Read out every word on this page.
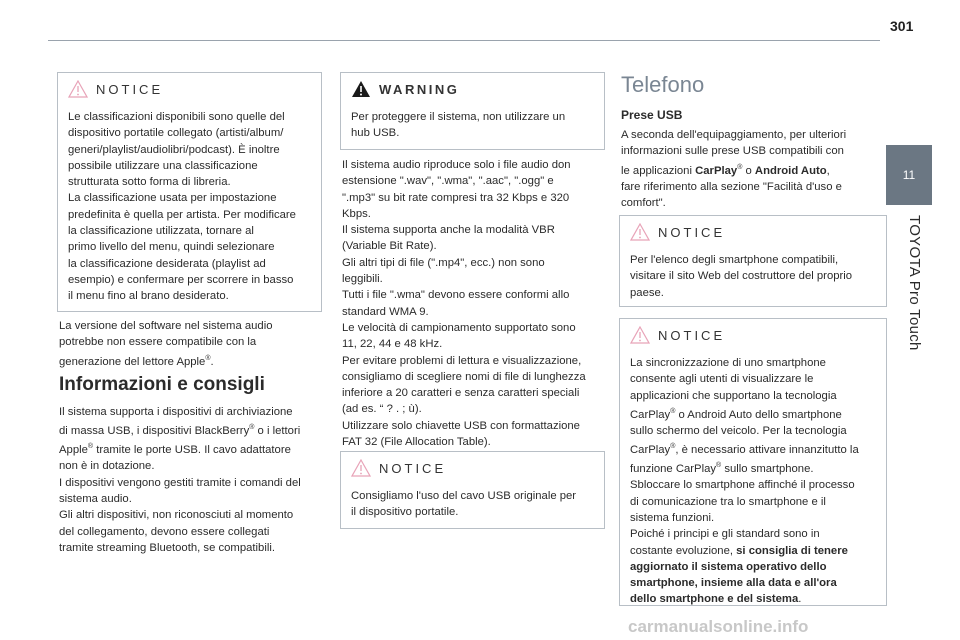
301
11
TOYOTA Pro Touch
NOTICE
Le classificazioni disponibili sono quelle del
dispositivo portatile collegato (artisti/album/
generi/playlist/audiolibri/podcast). È inoltre
possibile utilizzare una classificazione
strutturata sotto forma di libreria.
La classificazione usata per impostazione
predefinita è quella per artista. Per modificare
la classificazione utilizzata, tornare al
primo livello del menu, quindi selezionare
la classificazione desiderata (playlist ad
esempio) e confermare per scorrere in basso
il menu fino al brano desiderato.
La versione del software nel sistema audio
potrebbe non essere compatibile con la
generazione del lettore Apple®.
Informazioni e consigli
Il sistema supporta i dispositivi di archiviazione
di massa USB, i dispositivi BlackBerry® o i lettori
Apple® tramite le porte USB. Il cavo adattatore
non è in dotazione.
I dispositivi vengono gestiti tramite i comandi del
sistema audio.
Gli altri dispositivi, non riconosciuti al momento
del collegamento, devono essere collegati
tramite streaming Bluetooth, se compatibili.
WARNING
Per proteggere il sistema, non utilizzare un
hub USB.
Il sistema audio riproduce solo i file audio don
estensione ".wav", ".wma", ".aac", ".ogg" e
".mp3" su bit rate compresi tra 32 Kbps e 320
Kbps.
Il sistema supporta anche la modalità VBR
(Variable Bit Rate).
Gli altri tipi di file (".mp4", ecc.) non sono
leggibili.
Tutti i file ".wma" devono essere conformi allo
standard WMA 9.
Le velocità di campionamento supportato sono
11, 22, 44 e 48 kHz.
Per evitare problemi di lettura e visualizzazione,
consigliamo di scegliere nomi di file di lunghezza
inferiore a 20 caratteri e senza caratteri speciali
(ad es. “ ? . ; ù).
Utilizzare solo chiavette USB con formattazione
FAT 32 (File Allocation Table).
NOTICE
Consigliamo l'uso del cavo USB originale per
il dispositivo portatile.
Telefono
Prese USB
A seconda dell'equipaggiamento, per ulteriori
informazioni sulle prese USB compatibili con
le applicazioni CarPlay® o Android Auto,
fare riferimento alla sezione "Facilità d'uso e
comfort".
NOTICE
Per l'elenco degli smartphone compatibili,
visitare il sito Web del costruttore del proprio
paese.
NOTICE
La sincronizzazione di uno smartphone
consente agli utenti di visualizzare le
applicazioni che supportano la tecnologia
CarPlay® o Android Auto dello smartphone
sullo schermo del veicolo. Per la tecnologia
CarPlay®, è necessario attivare innanzitutto la
funzione CarPlay® sullo smartphone.
Sbloccare lo smartphone affinché il processo
di comunicazione tra lo smartphone e il
sistema funzioni.
Poiché i principi e gli standard sono in
costante evoluzione, si consiglia di tenere
aggiornato il sistema operativo dello
smartphone, insieme alla data e all'ora
dello smartphone e del sistema.
carmanualsonline.info
